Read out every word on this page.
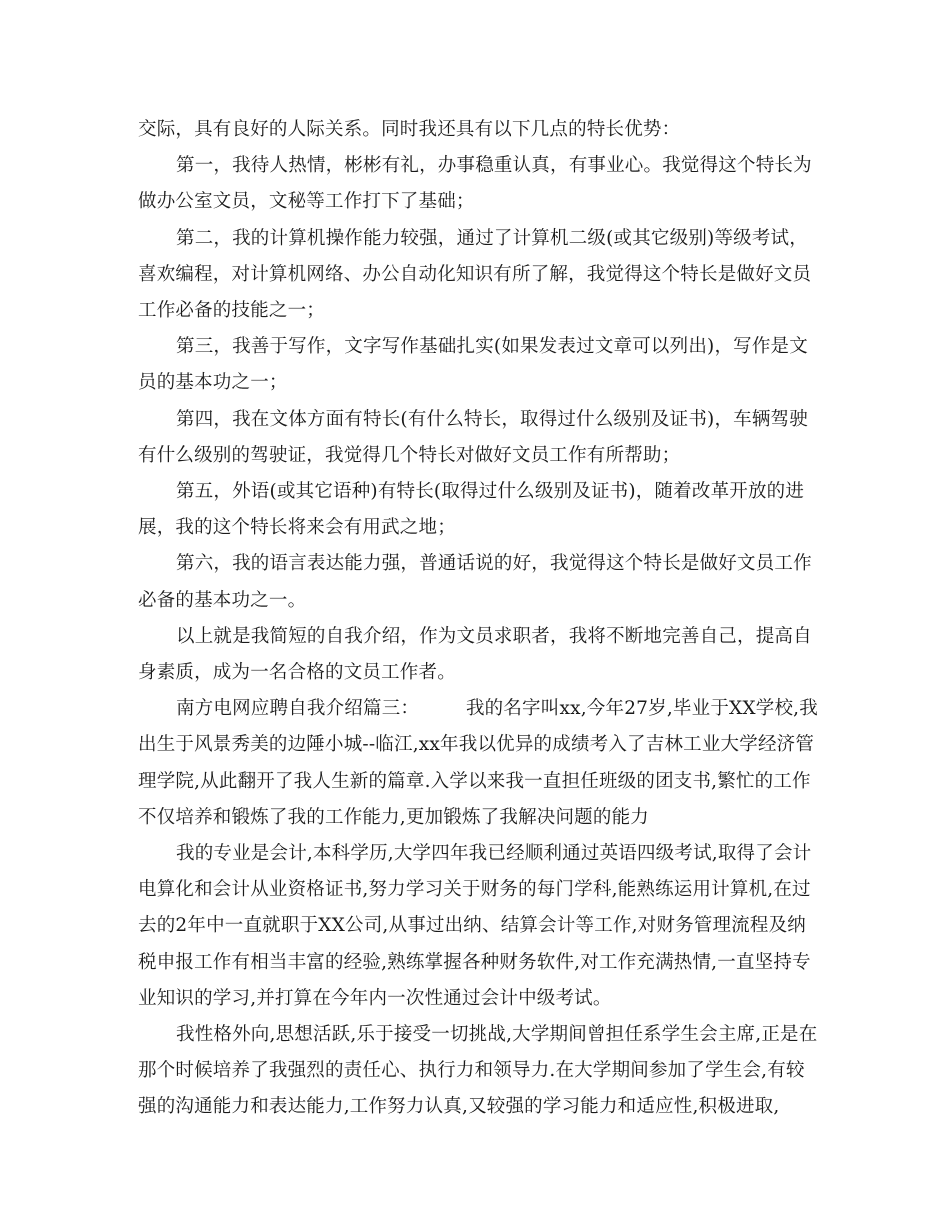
交际，具有良好的人际关系。同时我还具有以下几点的特长优势：

第一，我待人热情，彬彬有礼，办事稳重认真，有事业心。我觉得这个特长为做办公室文员，文秘等工作打下了基础；

第二，我的计算机操作能力较强，通过了计算机二级(或其它级别)等级考试，喜欢编程，对计算机网络、办公自动化知识有所了解，我觉得这个特长是做好文员工作必备的技能之一；

第三，我善于写作，文字写作基础扎实(如果发表过文章可以列出)，写作是文员的基本功之一；

第四，我在文体方面有特长(有什么特长，取得过什么级别及证书)，车辆驾驶有什么级别的驾驶证，我觉得几个特长对做好文员工作有所帮助；

第五，外语(或其它语种)有特长(取得过什么级别及证书)，随着改革开放的进展，我的这个特长将来会有用武之地；

第六，我的语言表达能力强，普通话说的好，我觉得这个特长是做好文员工作必备的基本功之一。

以上就是我简短的自我介绍，作为文员求职者，我将不断地完善自己，提高自身素质，成为一名合格的文员工作者。

南方电网应聘自我介绍篇三：　　　我的名字叫xx,今年27岁,毕业于XX学校,我出生于风景秀美的边陲小城--临江,xx年我以优异的成绩考入了吉林工业大学经济管理学院,从此翻开了我人生新的篇章.入学以来我一直担任班级的团支书,繁忙的工作不仅培养和锻炼了我的工作能力,更加锻炼了我解决问题的能力

我的专业是会计,本科学历,大学四年我已经顺利通过英语四级考试,取得了会计电算化和会计从业资格证书,努力学习关于财务的每门学科,能熟练运用计算机,在过去的2年中一直就职于XX公司,从事过出纳、结算会计等工作,对财务管理流程及纳税申报工作有相当丰富的经验,熟练掌握各种财务软件,对工作充满热情,一直坚持专业知识的学习,并打算在今年内一次性通过会计中级考试。

我性格外向,思想活跃,乐于接受一切挑战,大学期间曾担任系学生会主席,正是在那个时候培养了我强烈的责任心、执行力和领导力.在大学期间参加了学生会,有较强的沟通能力和表达能力,工作努力认真,又较强的学习能力和适应性,积极进取,
